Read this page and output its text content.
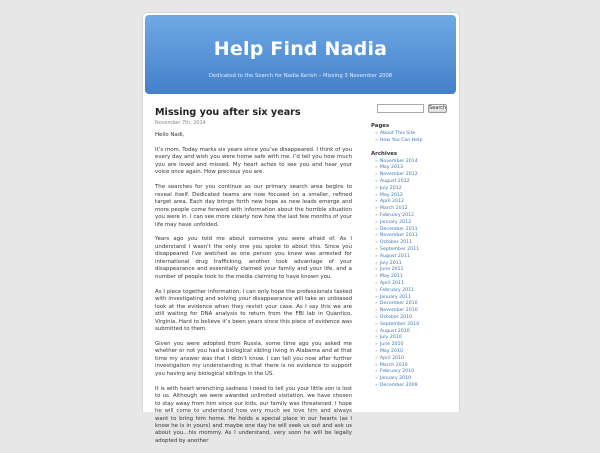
Help Find Nadia
Dedicated to the Search for Nadia Kerish – Missing 3 November 2008
Missing you after six years
November 7th, 2014

Hello Nadi,

It’s mom. Today marks six years since you’ve disappeared. I think of you every day and wish you were home safe with me. I’d tell you how much you are loved and missed. My heart aches to see you and hear your voice once again. How precious you are.

The searches for you continue as our primary search area begins to reveal itself. Dedicated teams are now focused on a smaller, refined target area. Each day brings forth new hope as new leads emerge and more people come forward with information about the horrible situation you were in. I can see more clearly now how the last few months of your life may have unfolded.

Years ago you told me about someone you were afraid of. As I understand I wasn’t the only one you spoke to about this. Since you disappeared I’ve watched as one person you knew was arrested for international drug trafficking, another took advantage of your disappearance and essentially claimed your family and your life, and a number of people took to the media claiming to have known you.

As I piece together information, I can only hope the professionals tasked with investigating and solving your disappearance will take an unbiased look at the evidence when they revisit your case. As I say this we are still waiting for DNA analysis to return from the FBI lab in Quantico, Virginia. Hard to believe it’s been years since this piece of evidence was submitted to them.

Given you were adopted from Russia, some time ago you asked me whether or not you had a biological sibling living in Alabama and at that time my answer was that I didn’t know. I can tell you now after further investigation my understanding is that there is no evidence to support you having any biological siblings in the US.

It is with heart wrenching sadness I need to tell you your little son is lost to us. Although we were awarded unlimited visitation, we have chosen to stay away from him since our kids, our family was threatened. I hope he will come to understand how very much we love him and always want to bring him home. He holds a special place in our hearts (as I know he is in yours) and maybe one day he will seek us out and ask us about you…his mommy. As I understand, very soon he will be legally adopted by another

Search
Pages
» About This Site
» How You Can Help
Archives
» November 2014
» May 2013
» November 2012
» August 2012
» July 2012
» May 2012
» April 2012
» March 2012
» February 2012
» January 2012
» December 2011
» November 2011
» October 2011
» September 2011
» August 2011
» July 2011
» June 2011
» May 2011
» April 2011
» February 2011
» January 2011
» December 2010
» November 2010
» October 2010
» September 2010
» August 2010
» July 2010
» June 2010
» May 2010
» April 2010
» March 2010
» February 2010
» January 2010
» December 2009
